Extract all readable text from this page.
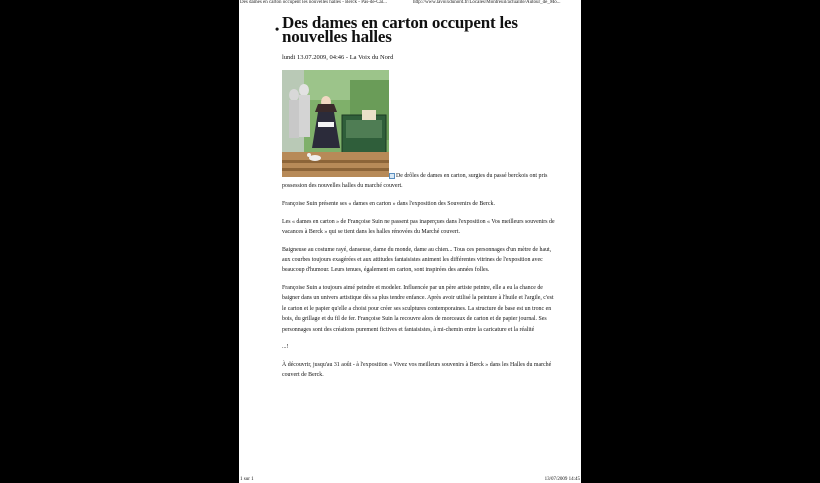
Des dames en carton occupent les nouvelles halles - Berck - Pas-de-Cal...	http://www.lavoixdunord.fr/Locales/Montreuil/actualite/Autour_de_Mo...
• Des dames en carton occupent les nouvelles halles
lundi 13.07.2009, 04:46 - La Voix du Nord

De drôles de dames en carton, surgies du passé berckois ont pris possession des nouvelles halles du marché couvert.

Françoise Suin présente ses « dames en carton » dans l'exposition des Souvenirs de Berck.

Les « dames en carton » de Françoise Suin ne passent pas inaperçues dans l'exposition « Vos meilleurs souvenirs de vacances à Berck » qui se tient dans les halles rénovées du Marché couvert.

Baigneuse au costume rayé, danseuse, dame du monde, dame au chien... Tous ces personnages d'un mètre de haut, aux courbes toujours exagérées et aux attitudes fantaisistes animent les différentes vitrines de l'exposition avec beaucoup d'humour. Leurs tenues, également en carton, sont inspirées des années folles.

Françoise Suin a toujours aimé peindre et modeler. Influencée par un père artiste peintre, elle a eu la chance de baigner dans un univers artistique dès sa plus tendre enfance. Après avoir utilisé la peinture à l'huile et l'argile, c'est le carton et le papier qu'elle a choisi pour créer ses sculptures contemporaines. La structure de base est un tronc en bois, du grillage et du fil de fer. Françoise Suin la recouvre alors de morceaux de carton et de papier journal. Ses personnages sont des créations purement fictives et fantaisistes, à mi-chemin entre la caricature et la réalité

...!

À découvrir, jusqu'au 31 août - à l'exposition « Vivez vos meilleurs souvenirs à Berck » dans les Halles du marché couvert de Berck.

1 sur 1	13/07/2009 14:45
